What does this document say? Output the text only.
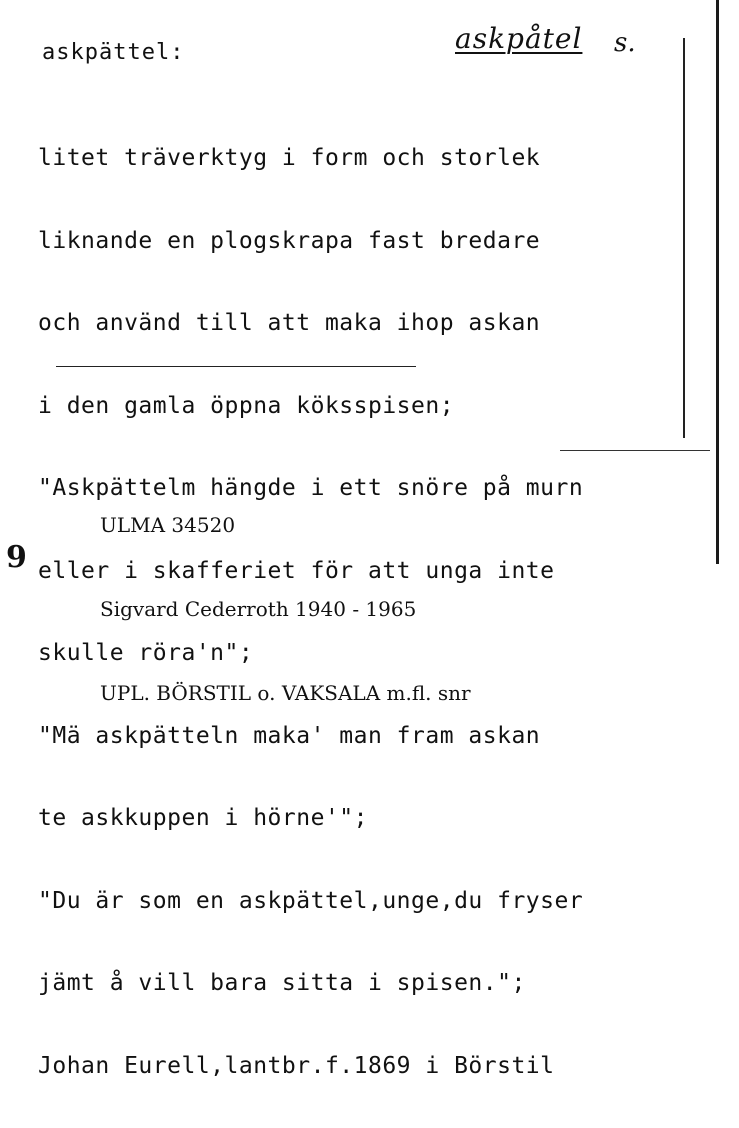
askpättel:	askpåtel s.

litet träverktyg i form och storlek

liknande en plogskrapa fast bredare

och använd till att maka ihop askan

i den gamla öppna köksspisen;

"Askpättelm hängde i ett snöre på murn

eller i skafferiet för att unga inte

skulle röra'n";

"Mä askpätteln maka' man fram askan

te askkuppen i hörne'";

"Du är som en askpättel,unge,du fryser

jämt å vill bara sitta i spisen.";

Johan Eurell,lantbr.f.1869 i Börstil

ULMA 34520

Sigvard Cederroth 1940 - 1965

UPL. BÖRSTIL o. VAKSALA m.fl. snr

9
